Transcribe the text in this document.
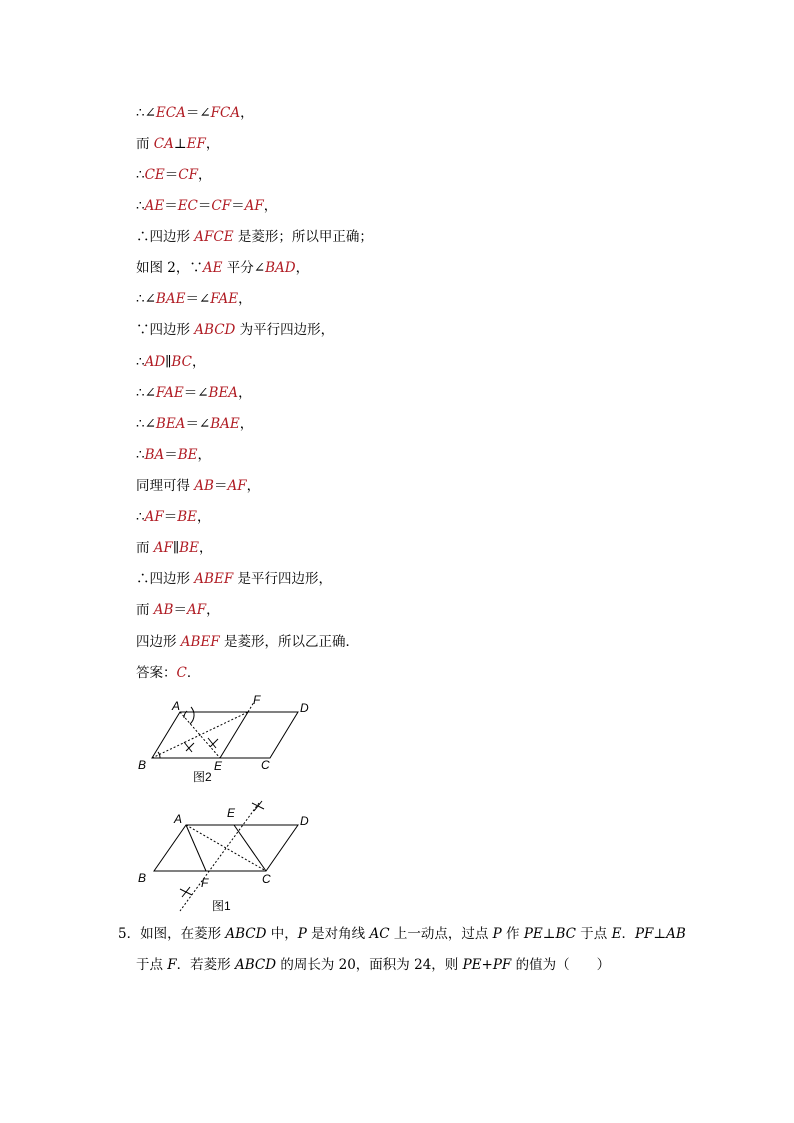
∴∠ECA＝∠FCA，
而 CA⊥EF，
∴CE＝CF，
∴AE＝EC＝CF＝AF，
∴四边形 AFCE 是菱形；所以甲正确；
如图 2，∵AE 平分∠BAD，
∴∠BAE＝∠FAE，
∵四边形 ABCD 为平行四边形，
∴AD∥BC，
∴∠FAE＝∠BEA，
∴∠BEA＝∠BAE，
∴BA＝BE，
同理可得 AB＝AF，
∴AF＝BE，
而 AF∥BE，
∴四边形 ABEF 是平行四边形，
而 AB＝AF，
四边形 ABEF 是菱形，所以乙正确．
答案：C．
A	F
D
B	E	C
图2
A	E
D
B	F	C
图1
5．如图，在菱形 ABCD 中，P 是对角线 AC 上一动点，过点 P 作 PE⊥BC 于点 E．PF⊥AB
于点 F．若菱形 ABCD 的周长为 20，面积为 24，则 PE+PF 的值为（　　）
